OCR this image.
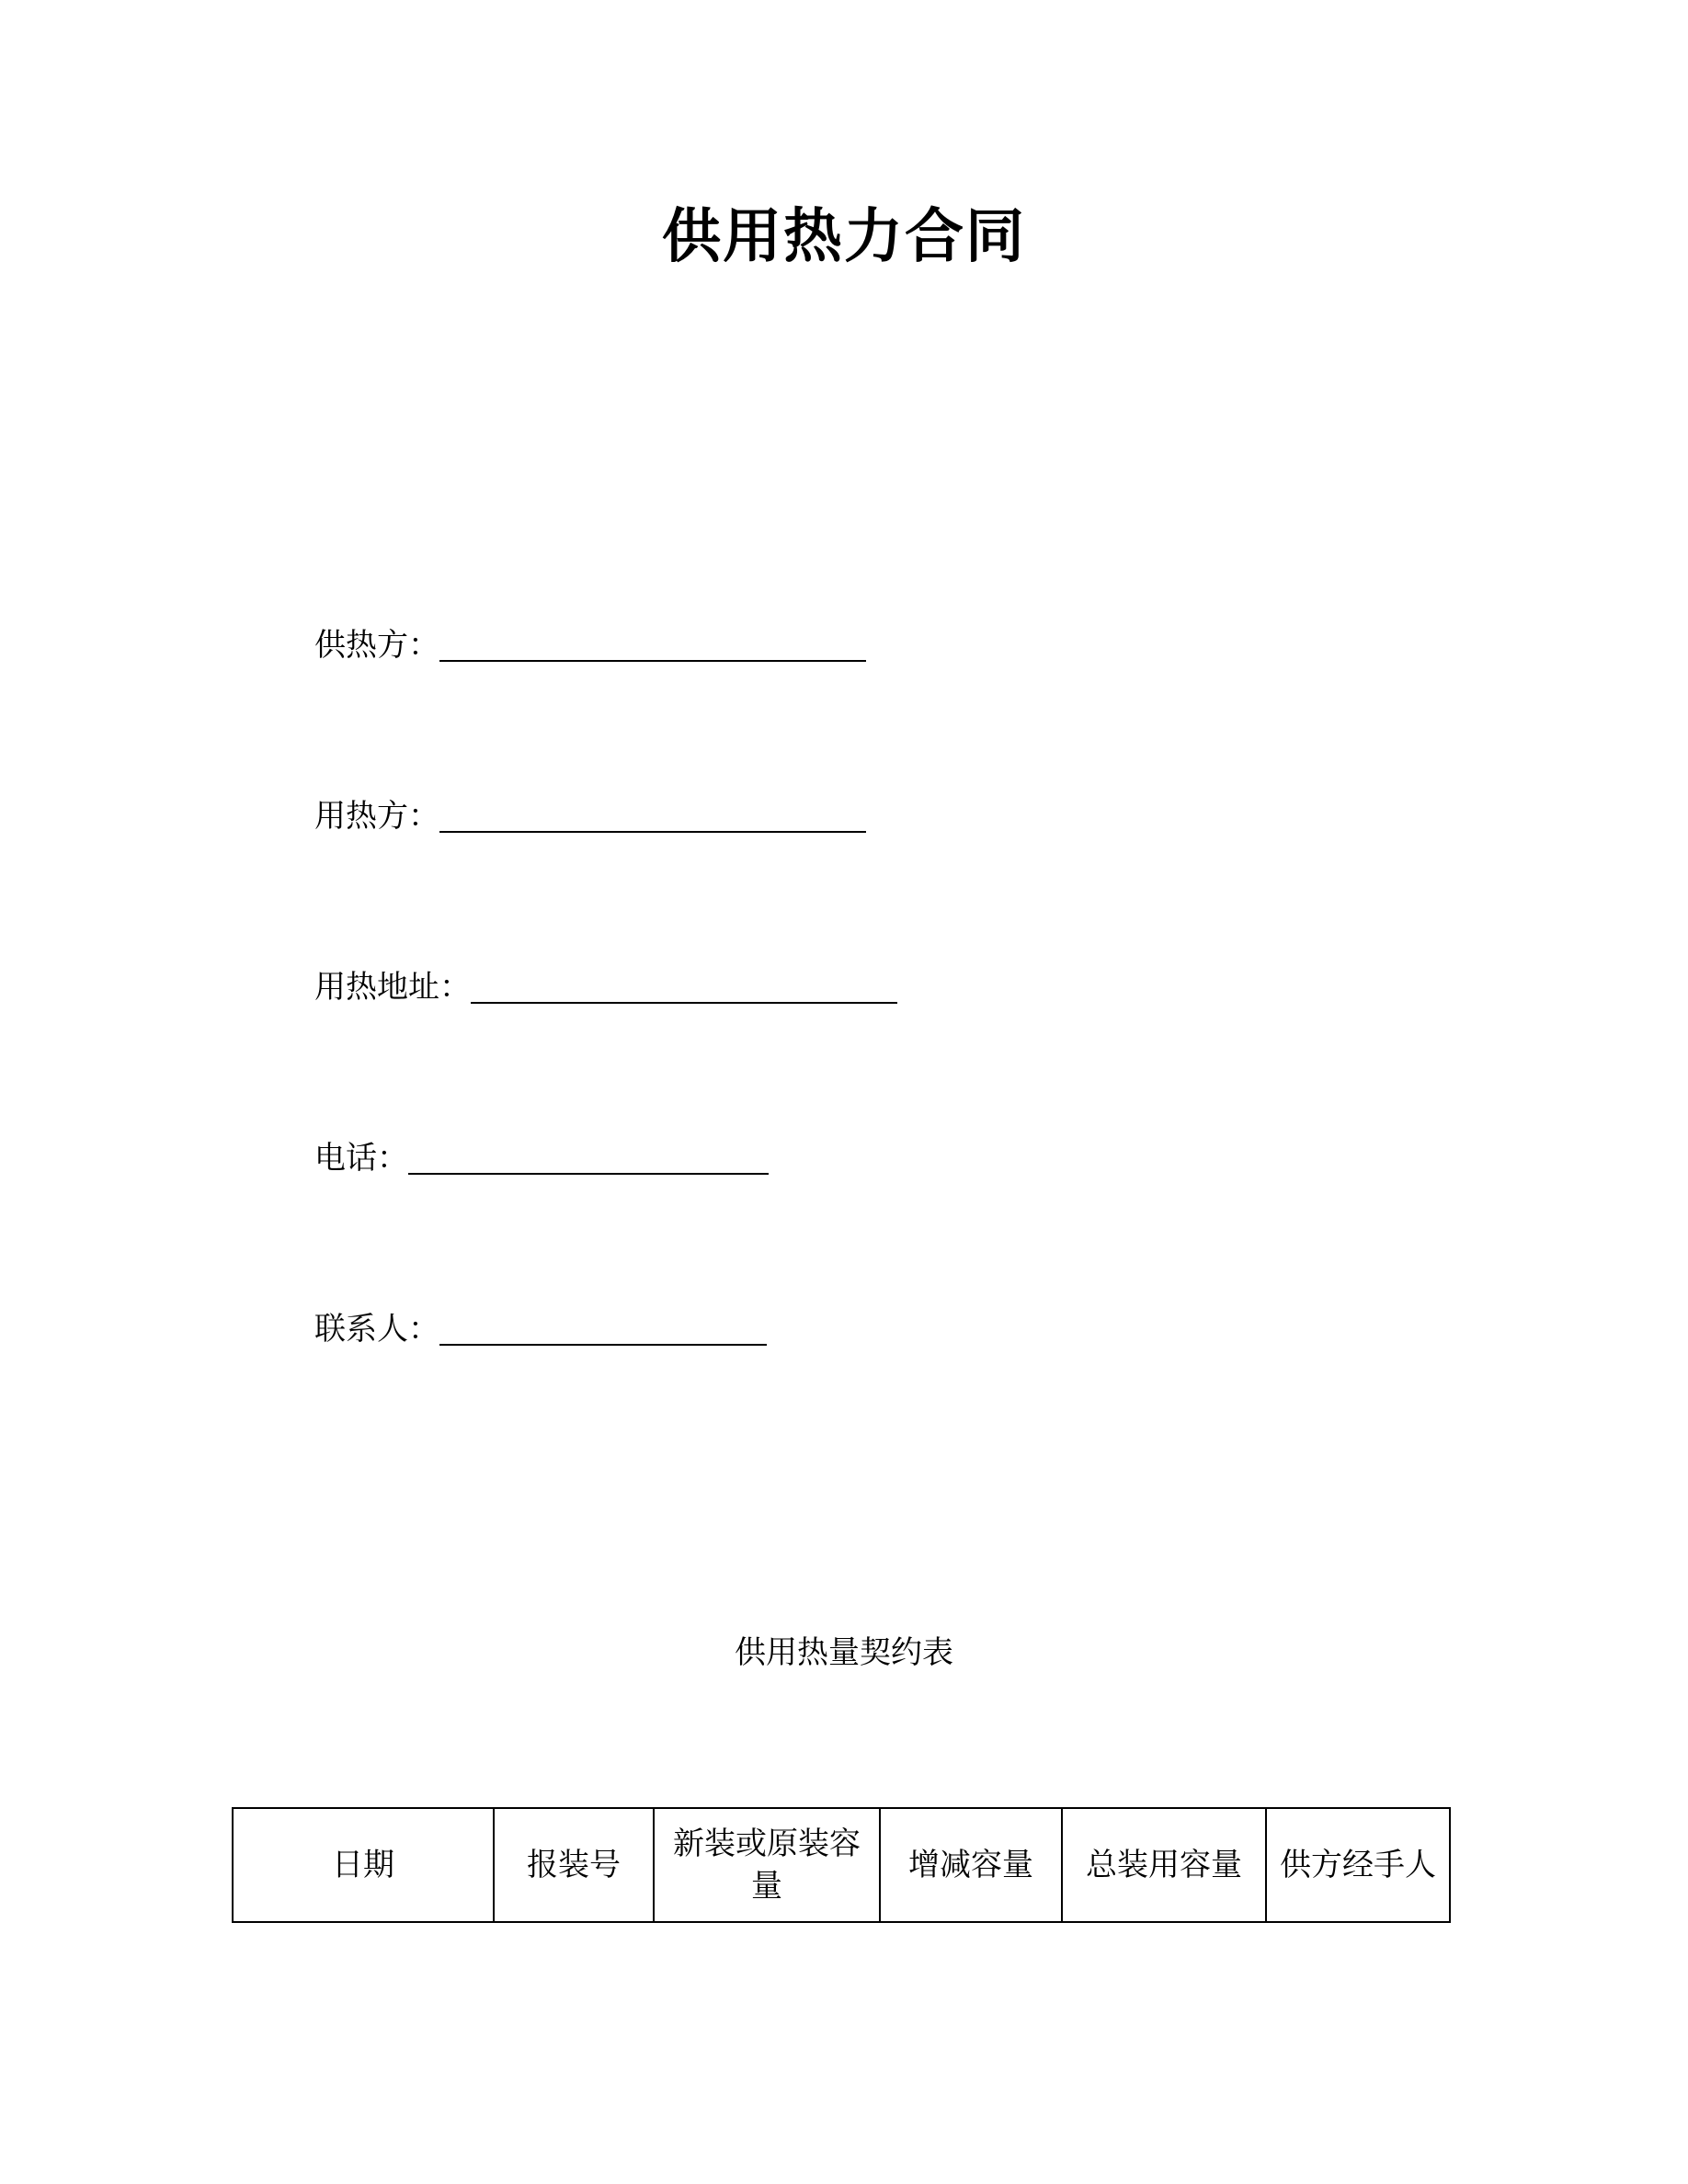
供用热力合同
供热方：
用热方：
用热地址：
电话：
联系人：
供用热量契约表
日期	报装号	新装或原装容量	增减容量	总装用容量	供方经手人
